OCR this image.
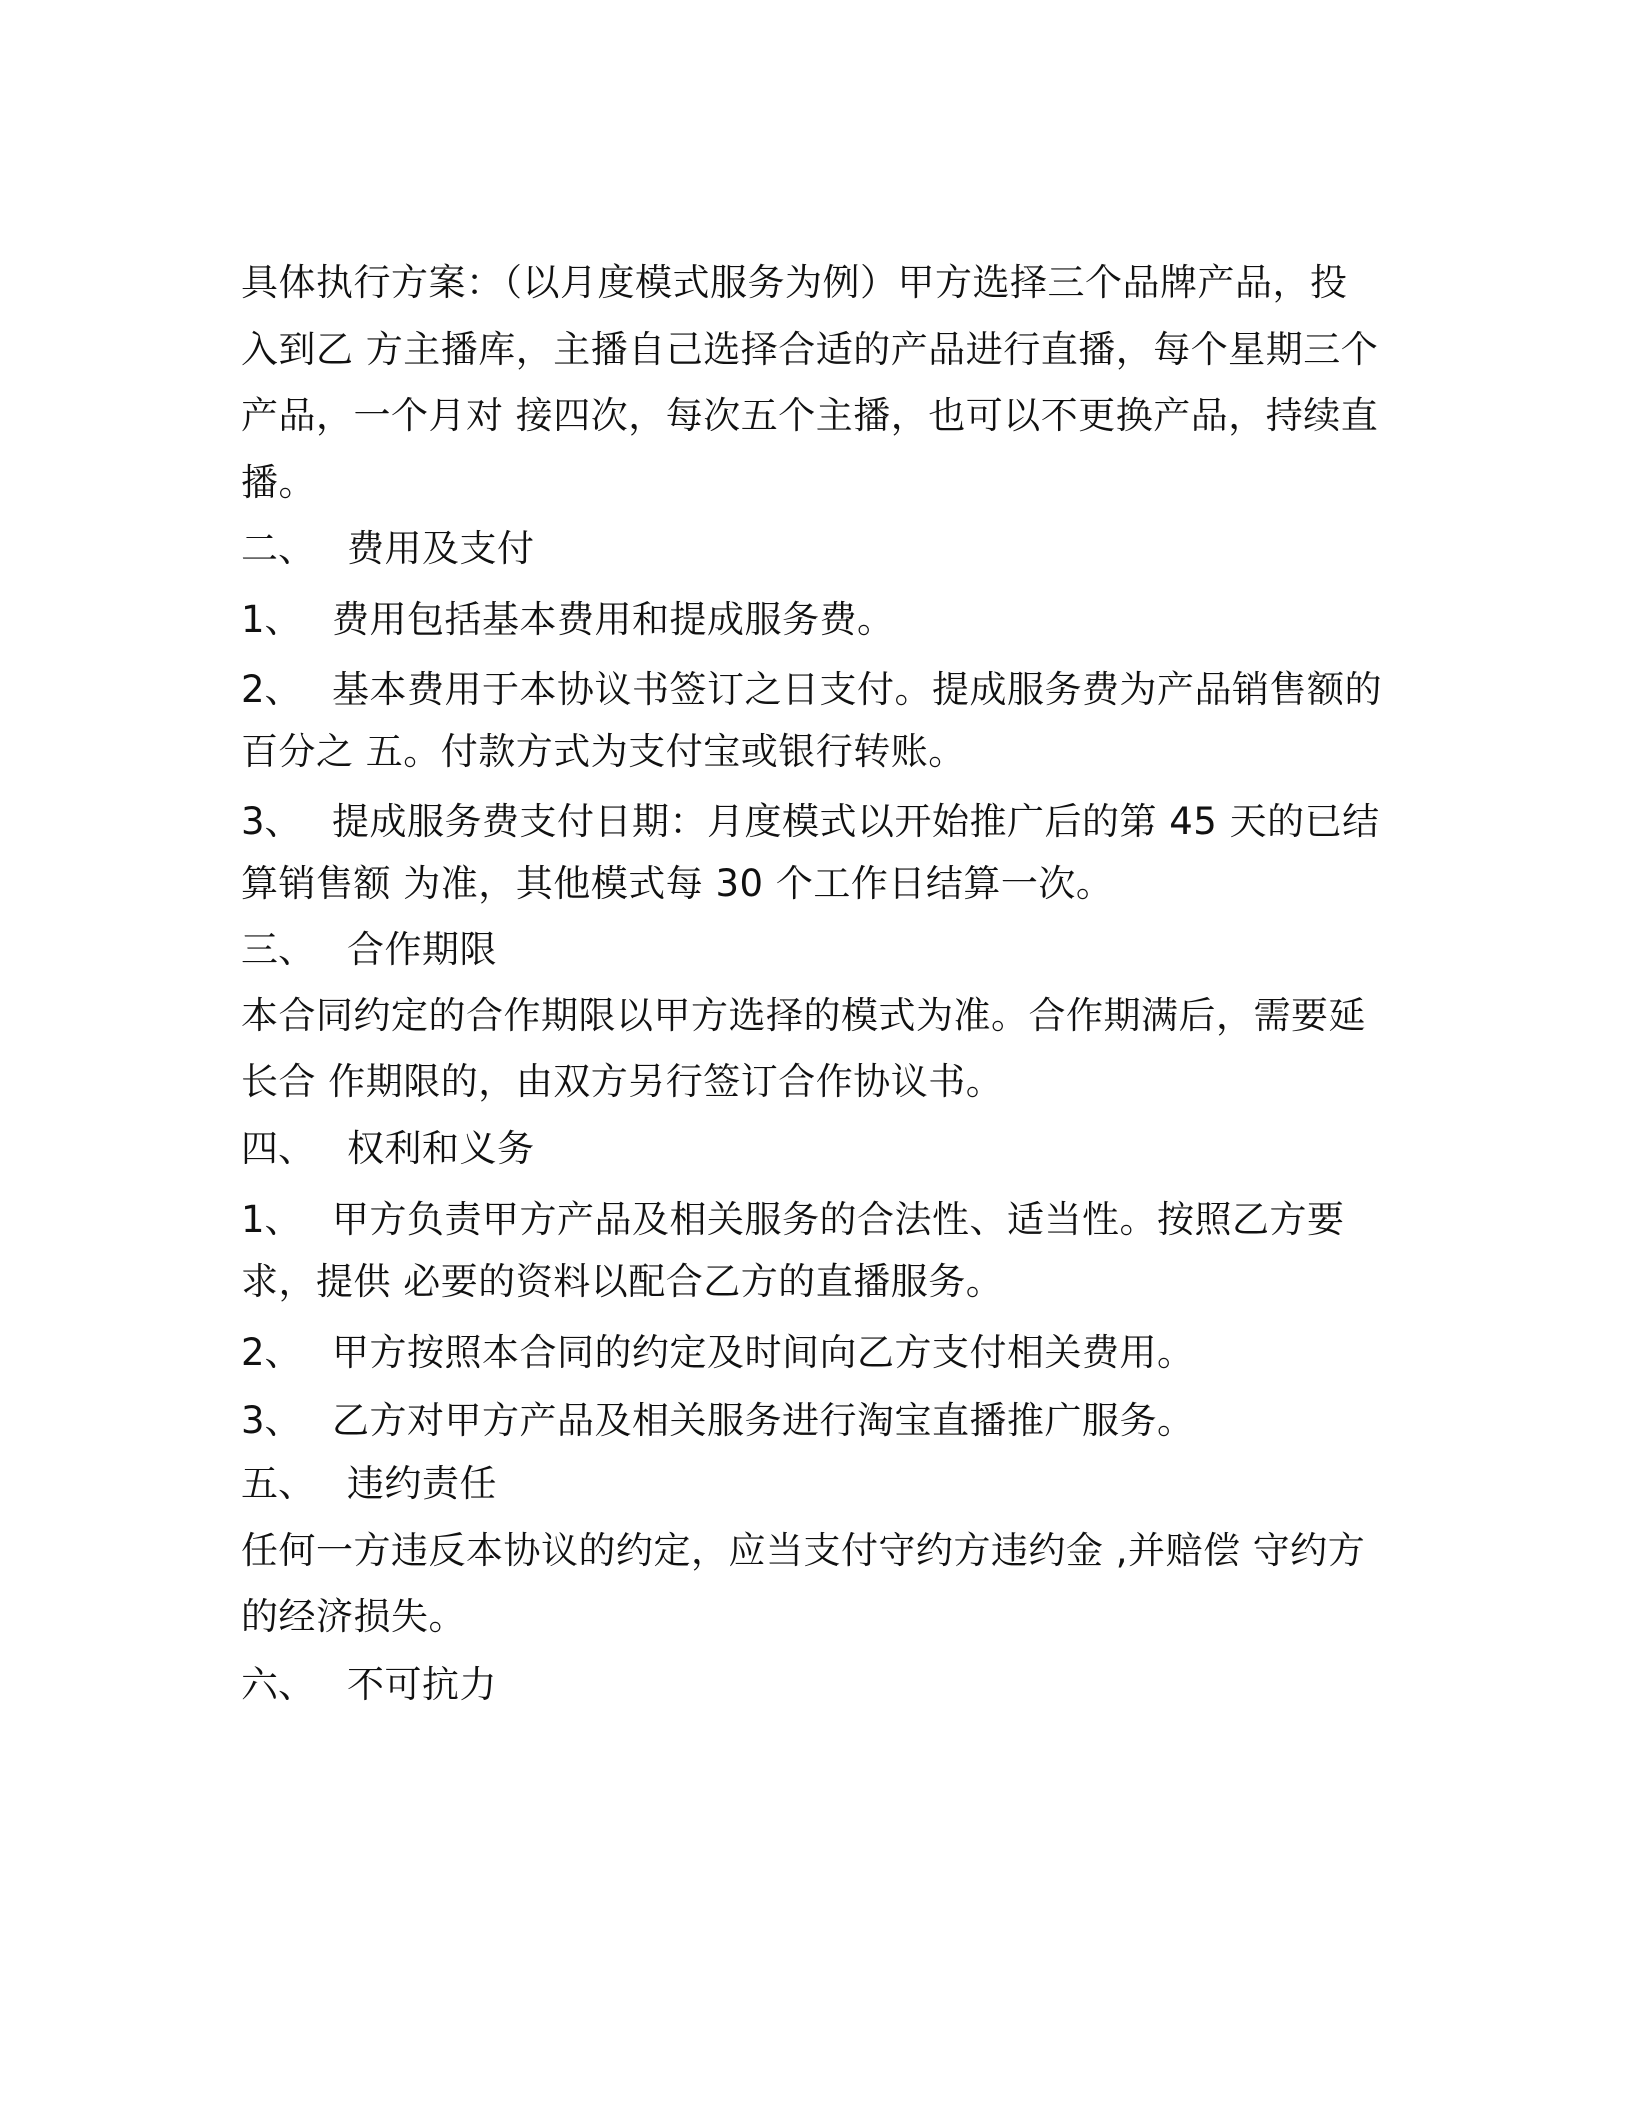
具体执行方案：（以月度模式服务为例）甲方选择三个品牌产品，投
入到乙 方主播库，主播自己选择合适的产品进行直播，每个星期三个
产品，一个月对 接四次，每次五个主播，也可以不更换产品，持续直
播。
二、 费用及支付
1、 费用包括基本费用和提成服务费。
2、 基本费用于本协议书签订之日支付。提成服务费为产品销售额的
百分之 五。付款方式为支付宝或银行转账。
3、 提成服务费支付日期：月度模式以开始推广后的第 45 天的已结
算销售额 为准，其他模式每 30 个工作日结算一次。
三、 合作期限
本合同约定的合作期限以甲方选择的模式为准。合作期满后，需要延
长合 作期限的，由双方另行签订合作协议书。
四、 权利和义务
1、 甲方负责甲方产品及相关服务的合法性、适当性。按照乙方要
求，提供 必要的资料以配合乙方的直播服务。
2、 甲方按照本合同的约定及时间向乙方支付相关费用。
3、 乙方对甲方产品及相关服务进行淘宝直播推广服务。
五、 违约责任
任何一方违反本协议的约定，应当支付守约方违约金 ,并赔偿 守约方
的经济损失。
六、 不可抗力
